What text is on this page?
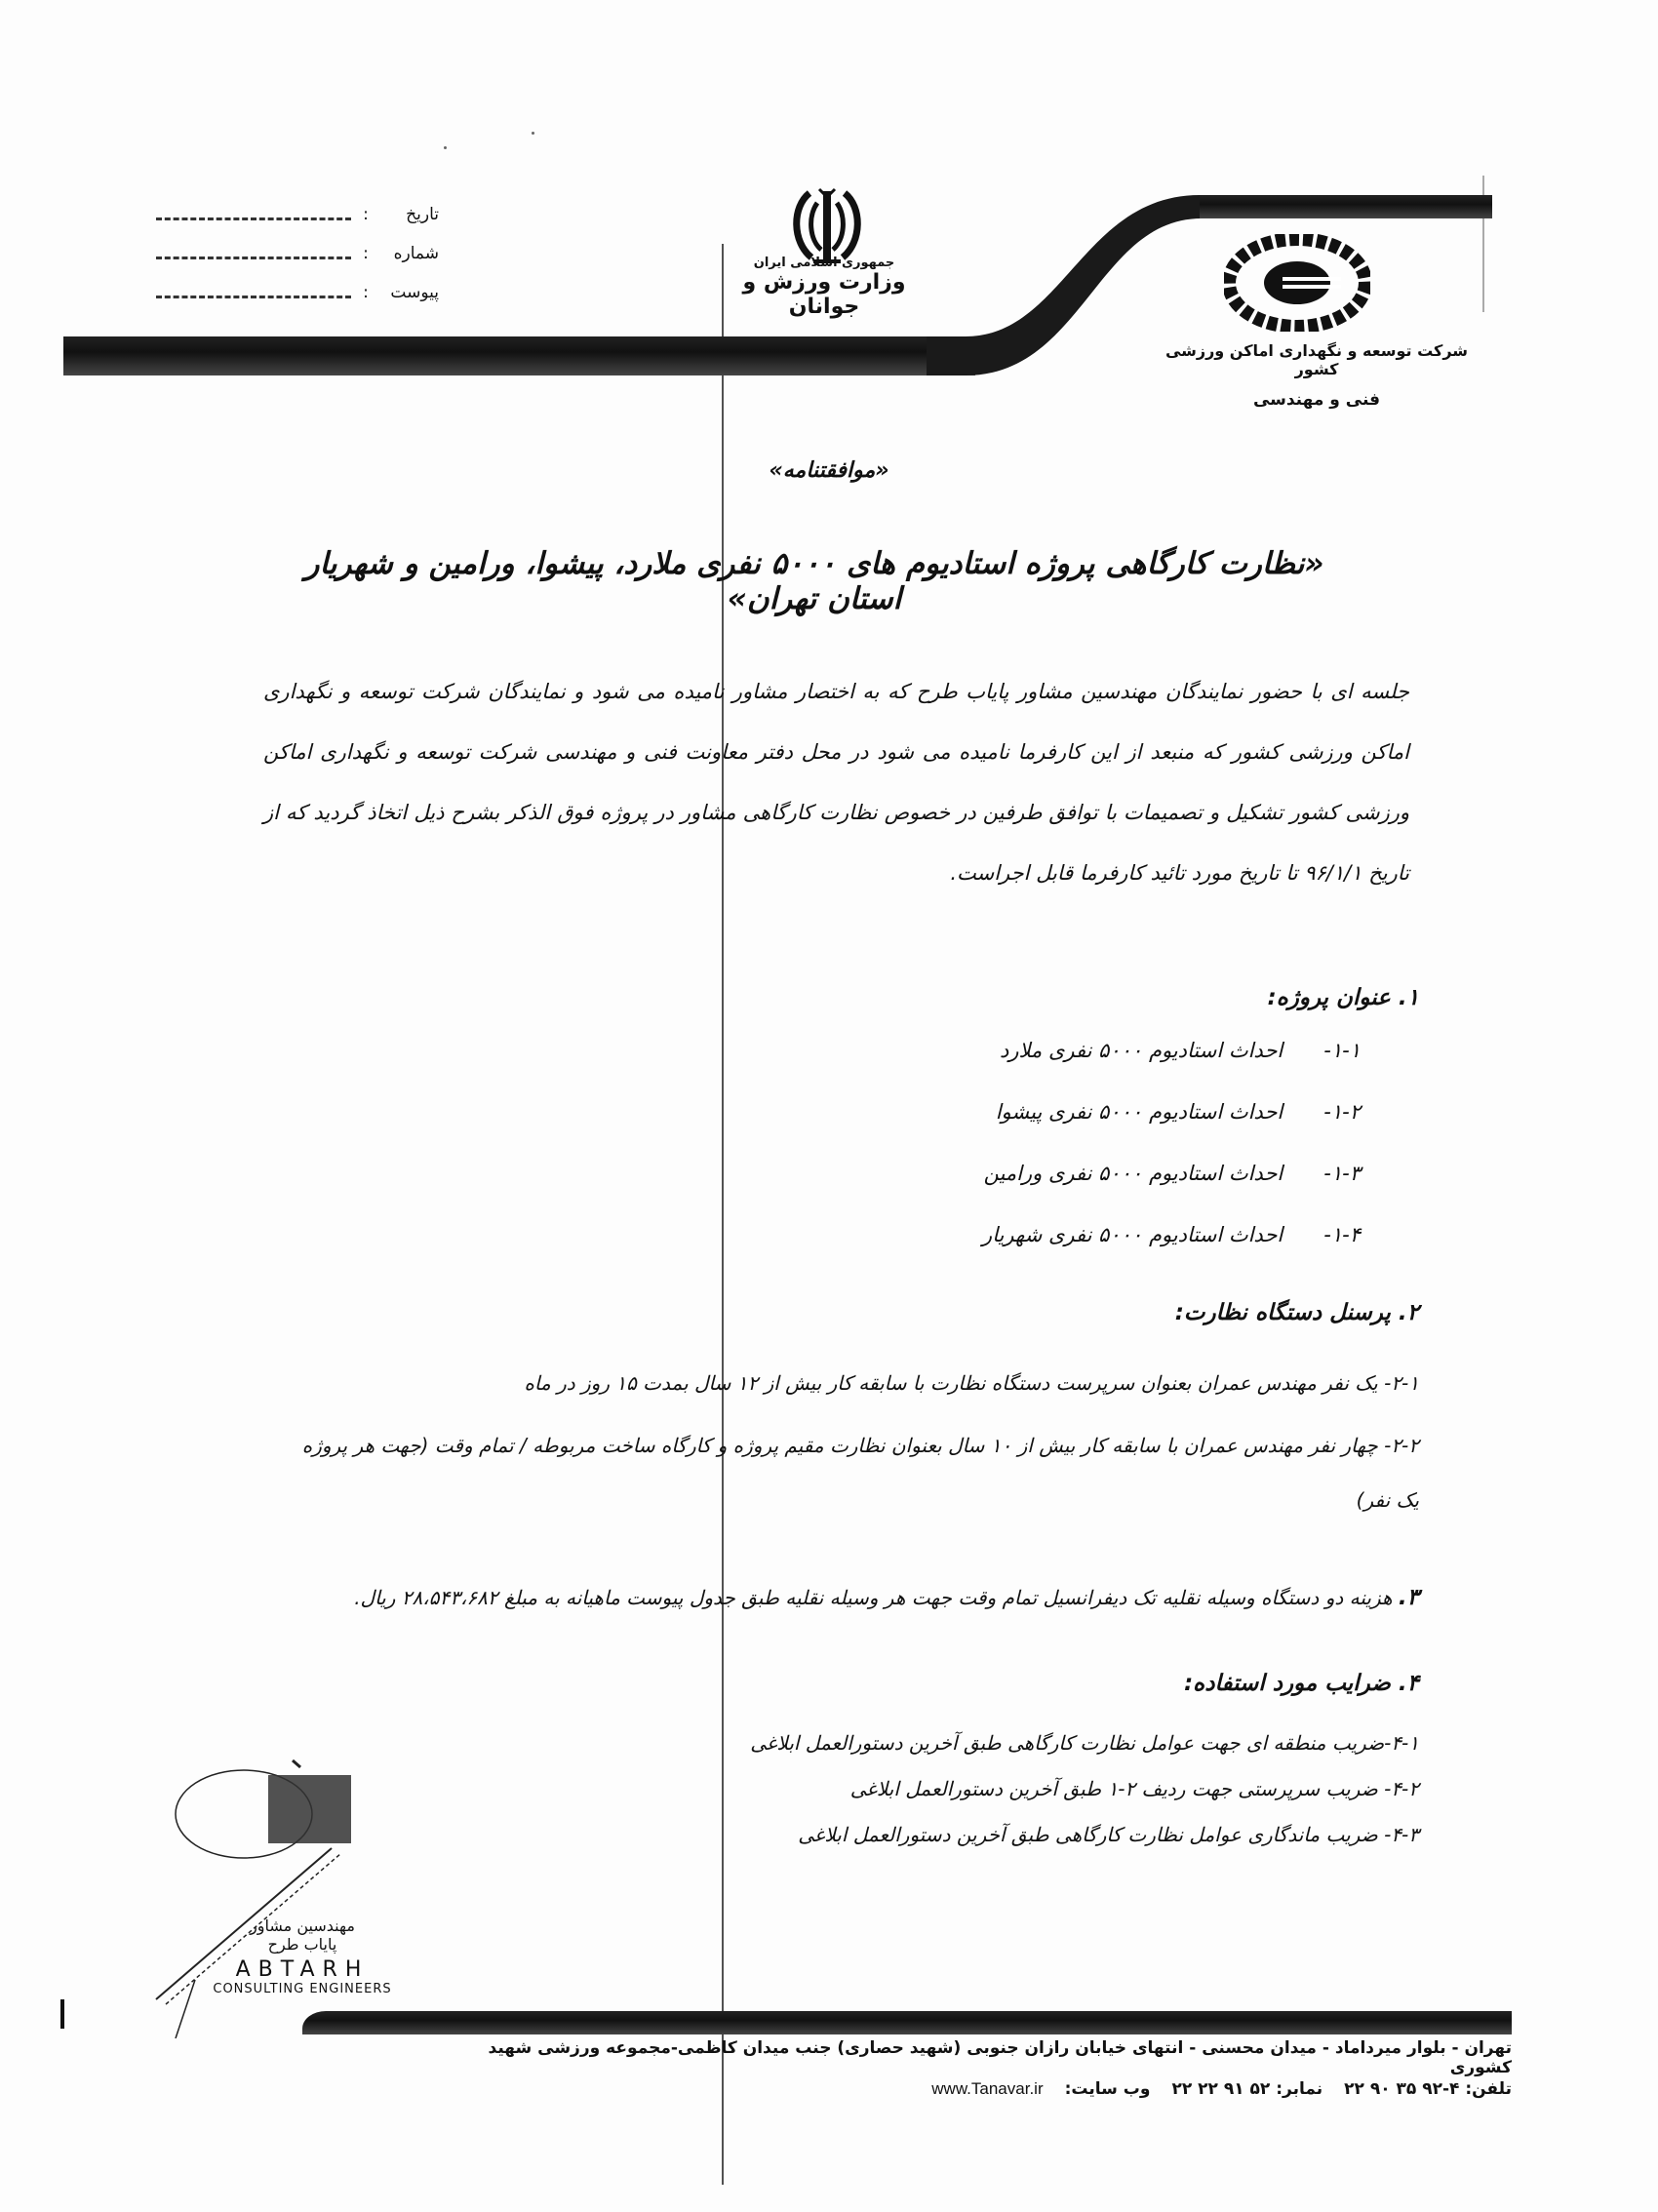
تاریخ
:
شماره
:
پیوست
:
جمهوری اسلامی ایران
وزارت ورزش و جوانان
شرکت توسعه و نگهداری اماکن ورزشی کشور
فنی و مهندسی
«موافقتنامه»
«نظارت کارگاهی پروژه استادیوم های ۵۰۰۰ نفری ملارد، پیشوا، ورامین و شهریار استان تهران»
جلسه ای با حضور نمایندگان مهندسین مشاور پایاب طرح که به اختصار مشاور نامیده می شود و نمایندگان شرکت توسعه و نگهداری اماکن ورزشی کشور که منبعد از این کارفرما نامیده می شود در محل دفتر معاونت فنی و مهندسی شرکت توسعه و نگهداری اماکن ورزشی کشور تشکیل و تصمیمات با توافق طرفین در خصوص نظارت کارگاهی مشاور در پروژه فوق الذکر بشرح ذیل اتخاذ گردید که از تاریخ ۹۶/۱/۱ تا تاریخ مورد تائید کارفرما قابل اجراست.
۱. عنوان پروژه:
۱-۱-
احداث استادیوم ۵۰۰۰ نفری ملارد
۱-۲-
احداث استادیوم ۵۰۰۰ نفری پیشوا
۱-۳-
احداث استادیوم ۵۰۰۰ نفری ورامین
۱-۴-
احداث استادیوم ۵۰۰۰ نفری شهریار
۲. پرسنل دستگاه نظارت:
۲-۱- یک نفر مهندس عمران بعنوان سرپرست دستگاه نظارت با سابقه کار بیش از ۱۲ سال بمدت ۱۵ روز در ماه
۲-۲- چهار نفر مهندس عمران با سابقه کار بیش از ۱۰ سال بعنوان نظارت مقیم پروژه و کارگاه ساخت مربوطه / تمام وقت (جهت هر پروژه یک نفر)
۳. هزینه دو دستگاه وسیله نقلیه تک دیفرانسیل تمام وقت جهت هر وسیله نقلیه طبق جدول پیوست ماهیانه به مبلغ ۲۸،۵۴۳،۶۸۲ ریال.
۴. ضرایب مورد استفاده:
۴-۱-ضریب منطقه ای جهت عوامل نظارت کارگاهی طبق آخرین دستورالعمل ابلاغی
۴-۲- ضریب سرپرستی جهت ردیف ۲-۱ طبق آخرین دستورالعمل ابلاغی
۴-۳- ضریب ماندگاری عوامل نظارت کارگاهی طبق آخرین دستورالعمل ابلاغی
مهندسین مشاور
پایاب طرح
ABTARH
CONSULTING ENGINEERS
تهران - بلوار میرداماد - میدان محسنی - انتهای خیابان رازان جنوبی (شهید حصاری) جنب میدان کاظمی-مجموعه ورزشی شهید کشوری
تلفن: ۴-۹۲ ۳۵ ۹۰ ۲۲
نمابر: ۵۲ ۹۱ ۲۲ ۲۲
وب سایت:
www.Tanavar.ir
